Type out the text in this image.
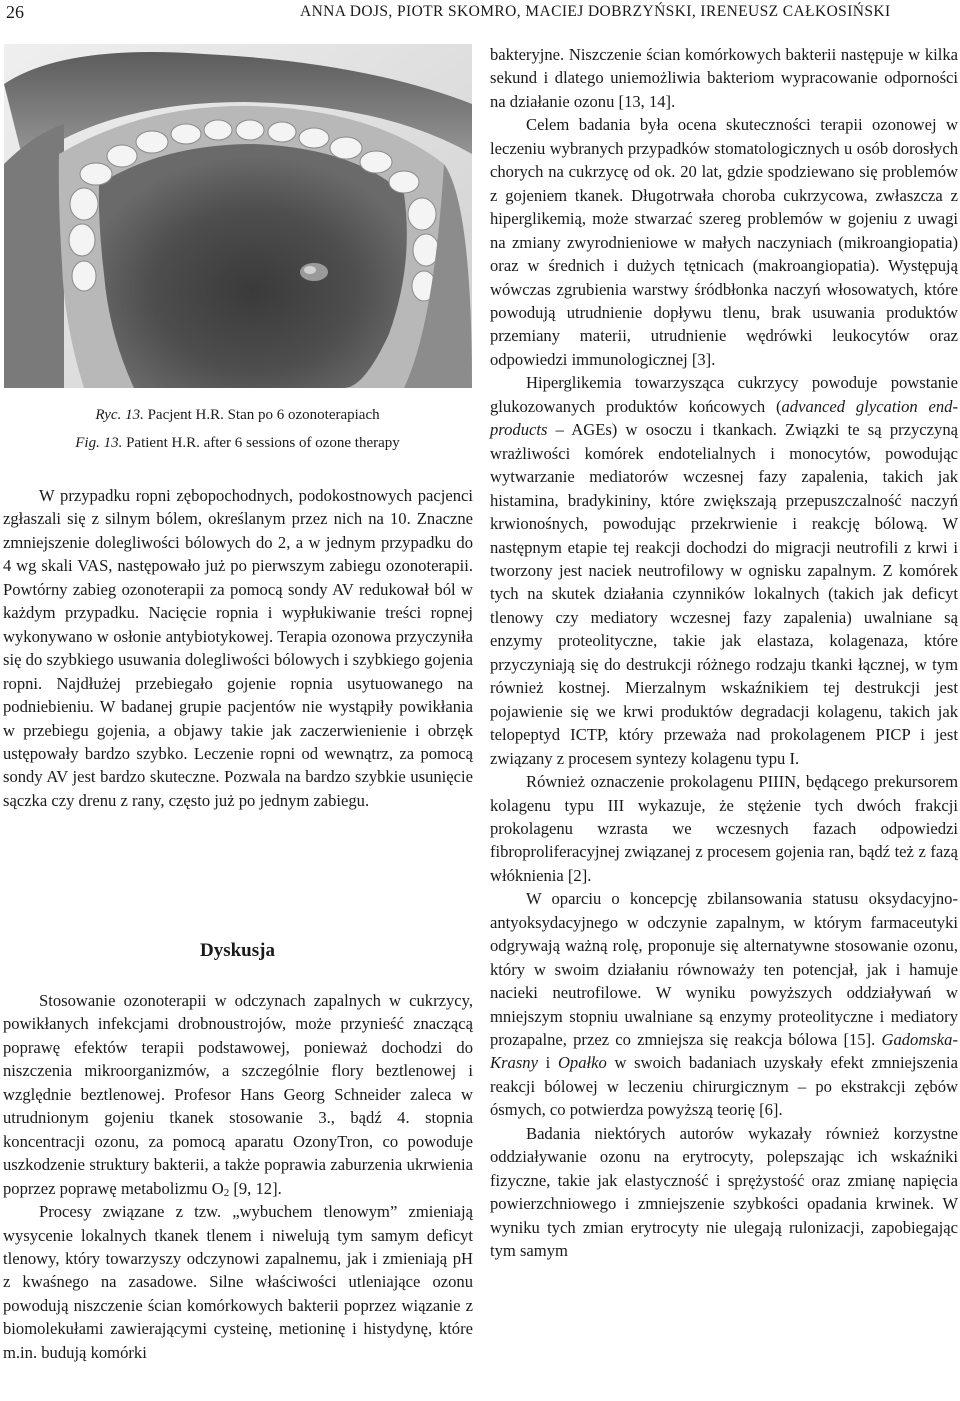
26	ANNA DOJS, PIOTR SKOMRO, MACIEJ DOBRZYŃSKI, IRENEUSZ CAŁKOSIŃSKI
Ryc. 13. Pacjent H.R. Stan po 6 ozonoterapiach
Fig. 13. Patient H.R. after 6 sessions of ozone therapy

W przypadku ropni zębopochodnych, podokostnowych pacjenci zgłaszali się z silnym bólem, określanym przez nich na 10. Znaczne zmniejszenie dolegliwości bólowych do 2, a w jednym przypadku do 4 wg skali VAS, następowało już po pierwszym zabiegu ozonoterapii. Powtórny zabieg ozonoterapii za pomocą sondy AV redukował ból w każdym przypadku. Nacięcie ropnia i wypłukiwanie treści ropnej wykonywano w osłonie antybiotykowej. Terapia ozonowa przyczyniła się do szybkiego usuwania dolegliwości bólowych i szybkiego gojenia ropni. Najdłużej przebiegało gojenie ropnia usytuowanego na podniebieniu. W badanej grupie pacjentów nie wystąpiły powikłania w przebiegu gojenia, a objawy takie jak zaczerwienienie i obrzęk ustępowały bardzo szybko. Leczenie ropni od wewnątrz, za pomocą sondy AV jest bardzo skuteczne. Pozwala na bardzo szybkie usunięcie sączka czy drenu z rany, często już po jednym zabiegu.

Dyskusja

Stosowanie ozonoterapii w odczynach zapalnych w cukrzycy, powikłanych infekcjami drobnoustrojów, może przynieść znaczącą poprawę efektów terapii podstawowej, ponieważ dochodzi do niszczenia mikroorganizmów, a szczególnie flory beztlenowej i względnie beztlenowej. Profesor Hans Georg Schneider zaleca w utrudnionym gojeniu tkanek stosowanie 3., bądź 4. stopnia koncentracji ozonu, za pomocą aparatu OzonyTron, co powoduje uszkodzenie struktury bakterii, a także poprawia zaburzenia ukrwienia poprzez poprawę metabolizmu $O_2$ [9, 12].

Procesy związane z tzw. „wybuchem tlenowym” zmieniają wysycenie lokalnych tkanek tlenem i niwelują tym samym deficyt tlenowy, który towarzyszy odczynowi zapalnemu, jak i zmieniają pH z kwaśnego na zasadowe. Silne właściwości utleniające ozonu powodują niszczenie ścian komórkowych bakterii poprzez wiązanie z biomolekułami zawierającymi cysteinę, metioninę i histydynę, które m.in. budują komórki

bakteryjne. Niszczenie ścian komórkowych bakterii następuje w kilka sekund i dlatego uniemożliwia bakteriom wypracowanie odporności na działanie ozonu [13, 14].

Celem badania była ocena skuteczności terapii ozonowej w leczeniu wybranych przypadków stomatologicznych u osób dorosłych chorych na cukrzycę od ok. 20 lat, gdzie spodziewano się problemów z gojeniem tkanek. Długotrwała choroba cukrzycowa, zwłaszcza z hiperglikemią, może stwarzać szereg problemów w gojeniu z uwagi na zmiany zwyrodnieniowe w małych naczyniach (mikroangiopatia) oraz w średnich i dużych tętnicach (makroangiopatia). Występują wówczas zgrubienia warstwy śródbłonka naczyń włosowatych, które powodują utrudnienie dopływu tlenu, brak usuwania produktów przemiany materii, utrudnienie wędrówki leukocytów oraz odpowiedzi immunologicznej [3].

Hiperglikemia towarzysząca cukrzycy powoduje powstanie glukozowanych produktów końcowych (advanced glycation end-products – AGEs) w osoczu i tkankach. Związki te są przyczyną wrażliwości komórek endotelialnych i monocytów, powodując wytwarzanie mediatorów wczesnej fazy zapalenia, takich jak histamina, bradykininy, które zwiększają przepuszczalność naczyń krwionośnych, powodując przekrwienie i reakcję bólową. W następnym etapie tej reakcji dochodzi do migracji neutrofili z krwi i tworzony jest naciek neutrofilowy w ognisku zapalnym. Z komórek tych na skutek działania czynników lokalnych (takich jak deficyt tlenowy czy mediatory wczesnej fazy zapalenia) uwalniane są enzymy proteolityczne, takie jak elastaza, kolagenaza, które przyczyniają się do destrukcji różnego rodzaju tkanki łącznej, w tym również kostnej. Mierzalnym wskaźnikiem tej destrukcji jest pojawienie się we krwi produktów degradacji kolagenu, takich jak telopeptyd ICTP, który przeważa nad prokolagenem PICP i jest związany z procesem syntezy kolagenu typu I.

Również oznaczenie prokolagenu PIIIN, będącego prekursorem kolagenu typu III wykazuje, że stężenie tych dwóch frakcji prokolagenu wzrasta we wczesnych fazach odpowiedzi fibroproliferacyjnej związanej z procesem gojenia ran, bądź też z fazą włóknienia [2].

W oparciu o koncepcję zbilansowania statusu oksydacyjno-antyoksydacyjnego w odczynie zapalnym, w którym farmaceutyki odgrywają ważną rolę, proponuje się alternatywne stosowanie ozonu, który w swoim działaniu równoważy ten potencjał, jak i hamuje nacieki neutrofilowe. W wyniku powyższych oddziaływań w mniejszym stopniu uwalniane są enzymy proteolityczne i mediatory prozapalne, przez co zmniejsza się reakcja bólowa [15]. Gadomska-Krasny i Opałko w swoich badaniach uzyskały efekt zmniejszenia reakcji bólowej w leczeniu chirurgicznym – po ekstrakcji zębów ósmych, co potwierdza powyższą teorię [6].

Badania niektórych autorów wykazały również korzystne oddziaływanie ozonu na erytrocyty, polepszając ich wskaźniki fizyczne, takie jak elastyczność i sprężystość oraz zmianę napięcia powierzchniowego i zmniejszenie szybkości opadania krwinek. W wyniku tych zmian erytrocyty nie ulegają rulonizacji, zapobiegając tym samym
